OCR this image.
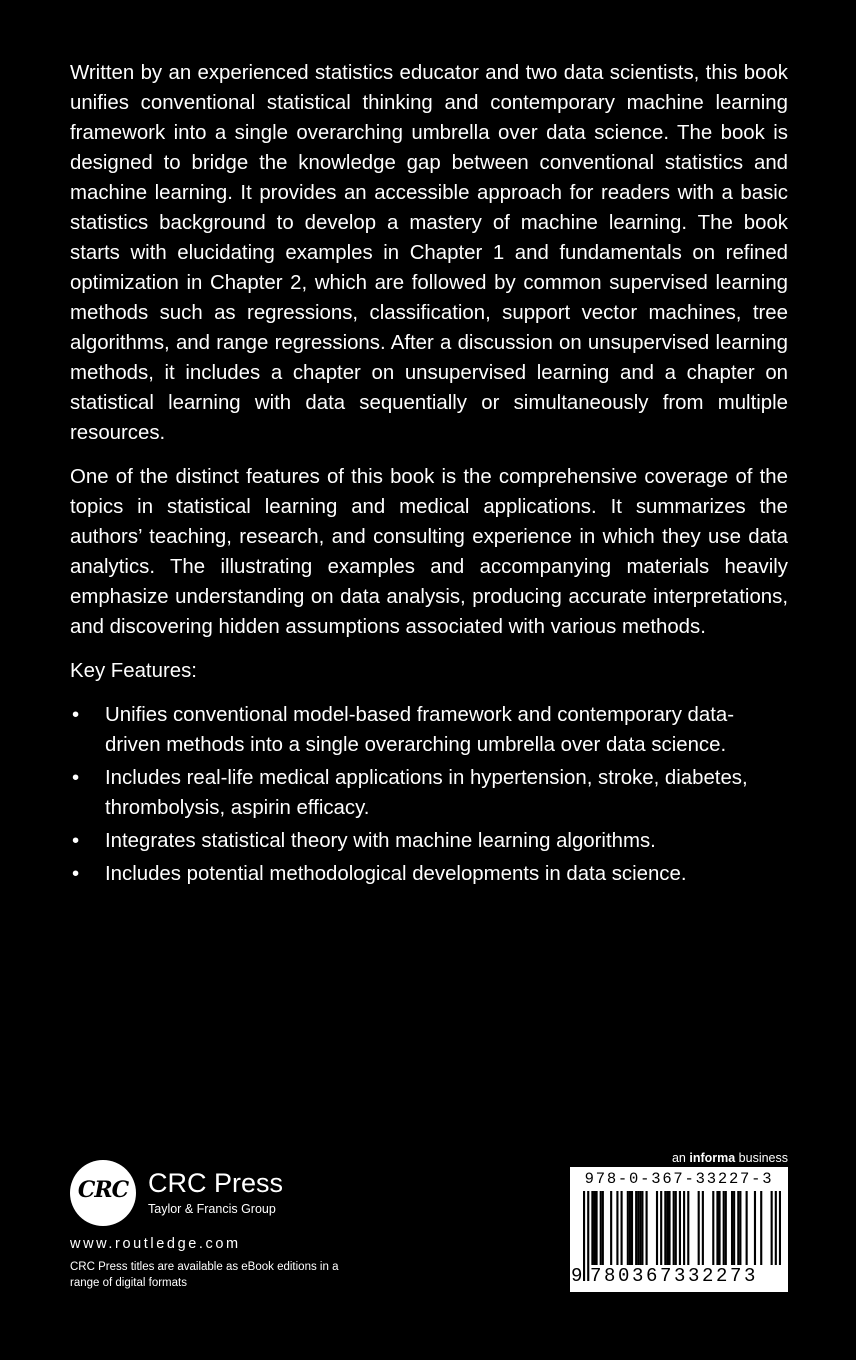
Written by an experienced statistics educator and two data scientists, this book unifies conventional statistical thinking and contemporary machine learning framework into a single overarching umbrella over data science. The book is designed to bridge the knowledge gap between conventional statistics and machine learning. It provides an accessible approach for readers with a basic statistics background to develop a mastery of machine learning. The book starts with elucidating examples in Chapter 1 and fundamentals on refined optimization in Chapter 2, which are followed by common supervised learning methods such as regressions, classification, support vector machines, tree algorithms, and range regressions. After a discussion on unsupervised learning methods, it includes a chapter on unsupervised learning and a chapter on statistical learning with data sequentially or simultaneously from multiple resources.

One of the distinct features of this book is the comprehensive coverage of the topics in statistical learning and medical applications. It summarizes the authors’ teaching, research, and consulting experience in which they use data analytics. The illustrating examples and accompanying materials heavily emphasize understanding on data analysis, producing accurate interpretations, and discovering hidden assumptions associated with various methods.

Key Features:

• Unifies conventional model-based framework and contemporary data-driven methods into a single overarching umbrella over data science.
• Includes real-life medical applications in hypertension, stroke, diabetes, thrombolysis, aspirin efficacy.
• Integrates statistical theory with machine learning algorithms.
• Includes potential methodological developments in data science.
CRC CRC Press
Taylor & Francis Group
www.routledge.com
CRC Press titles are available as eBook editions in a range of digital formats
an informa business
978-0-367-33227-3
9 780367332273
